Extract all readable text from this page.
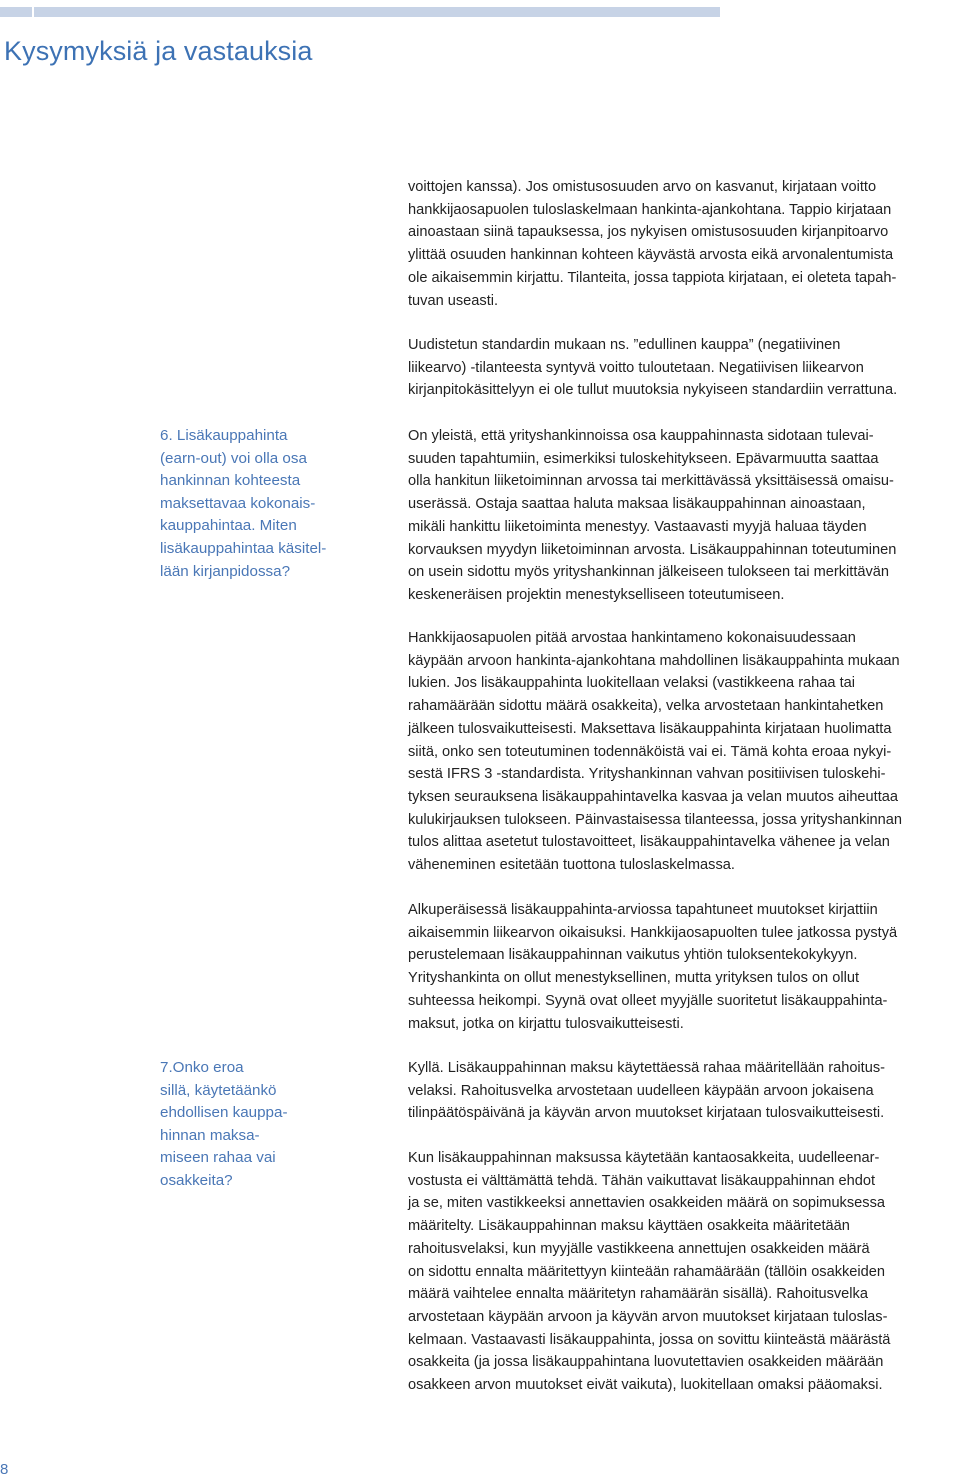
Kysymyksiä ja vastauksia

voittojen kanssa). Jos omistusosuuden arvo on kasvanut, kirjataan voitto
hankkijaosapuolen tuloslaskelmaan hankinta-ajankohtana. Tappio kirjataan
ainoastaan siinä tapauksessa, jos nykyisen omistusosuuden kirjanpitoarvo
ylittää osuuden hankinnan kohteen käyvästä arvosta eikä arvonalentumista
ole aikaisemmin kirjattu. Tilanteita, jossa tappiota kirjataan, ei oleteta tapah-
tuvan useasti.

Uudistetun standardin mukaan ns. ”edullinen kauppa” (negatiivinen
liikearvo) -tilanteesta syntyvä voitto tuloutetaan. Negatiivisen liikearvon
kirjanpitokäsittelyyn ei ole tullut muutoksia nykyiseen standardiin verrattuna.

6. Lisäkauppahinta
(earn-out) voi olla osa
hankinnan kohteesta
maksettavaa kokonais-
kauppahintaa. Miten
lisäkauppahintaa käsitel-
lään kirjanpidossa?

On yleistä, että yrityshankinnoissa osa kauppahinnasta sidotaan tulevai-
suuden tapahtumiin, esimerkiksi tuloskehitykseen. Epävarmuutta saattaa
olla hankitun liiketoiminnan arvossa tai merkittävässä yksittäisessä omaisu-
userässä. Ostaja saattaa haluta maksaa lisäkauppahinnan ainoastaan,
mikäli hankittu liiketoiminta menestyy. Vastaavasti myyjä haluaa täyden
korvauksen myydyn liiketoiminnan arvosta. Lisäkauppahinnan toteutuminen
on usein sidottu myös yrityshankinnan jälkeiseen tulokseen tai merkittävän
keskeneräisen projektin menestykselliseen toteutumiseen.

Hankkijaosapuolen pitää arvostaa hankintameno kokonaisuudessaan
käypään arvoon hankinta-ajankohtana mahdollinen lisäkauppahinta mukaan
lukien. Jos lisäkauppahinta luokitellaan velaksi (vastikkeena rahaa tai
rahamäärään sidottu määrä osakkeita), velka arvostetaan hankintahetken
jälkeen tulosvaikutteisesti. Maksettava lisäkauppahinta kirjataan huolimatta
siitä, onko sen toteutuminen todennäköistä vai ei. Tämä kohta eroaa nykyi-
sestä IFRS 3 -standardista. Yrityshankinnan vahvan positiivisen tuloskehi-
tyksen seurauksena lisäkauppahintavelka kasvaa ja velan muutos aiheuttaa
kulukirjauksen tulokseen. Päinvastaisessa tilanteessa, jossa yrityshankinnan
tulos alittaa asetetut tulostavoitteet, lisäkauppahintavelka vähenee ja velan
väheneminen esitetään tuottona tuloslaskelmassa.

Alkuperäisessä lisäkauppahinta-arviossa tapahtuneet muutokset kirjattiin
aikaisemmin liikearvon oikaisuksi. Hankkijaosapuolten tulee jatkossa pystyä
perustelemaan lisäkauppahinnan vaikutus yhtiön tuloksentekokykyyn.
Yrityshankinta on ollut menestyksellinen, mutta yrityksen tulos on ollut
suhteessa heikompi. Syynä ovat olleet myyjälle suoritetut lisäkauppahinta-
maksut, jotka on kirjattu tulosvaikutteisesti.

7.Onko eroa
sillä, käytetäänkö
ehdollisen kauppa-
hinnan maksa-
miseen rahaa vai
osakkeita?

Kyllä. Lisäkauppahinnan maksu käytettäessä rahaa määritellään rahoitus-
velaksi. Rahoitusvelka arvostetaan uudelleen käypään arvoon jokaisena
tilinpäätöspäivänä ja käyvän arvon muutokset kirjataan tulosvaikutteisesti.

Kun lisäkauppahinnan maksussa käytetään kantaosakkeita, uudelleenar-
vostusta ei välttämättä tehdä. Tähän vaikuttavat lisäkauppahinnan ehdot
ja se, miten vastikkeeksi annettavien osakkeiden määrä on sopimuksessa
määritelty. Lisäkauppahinnan maksu käyttäen osakkeita määritetään
rahoitusvelaksi, kun myyjälle vastikkeena annettujen osakkeiden määrä
on sidottu ennalta määritettyyn kiinteään rahamäärään (tällöin osakkeiden
määrä vaihtelee ennalta määritetyn rahamäärän sisällä). Rahoitusvelka
arvostetaan käypään arvoon ja käyvän arvon muutokset kirjataan tuloslas-
kelmaan. Vastaavasti lisäkauppahinta, jossa on sovittu kiinteästä määrästä
osakkeita (ja jossa lisäkauppahintana luovutettavien osakkeiden määrään
osakkeen arvon muutokset eivät vaikuta), luokitellaan omaksi pääomaksi.

8
